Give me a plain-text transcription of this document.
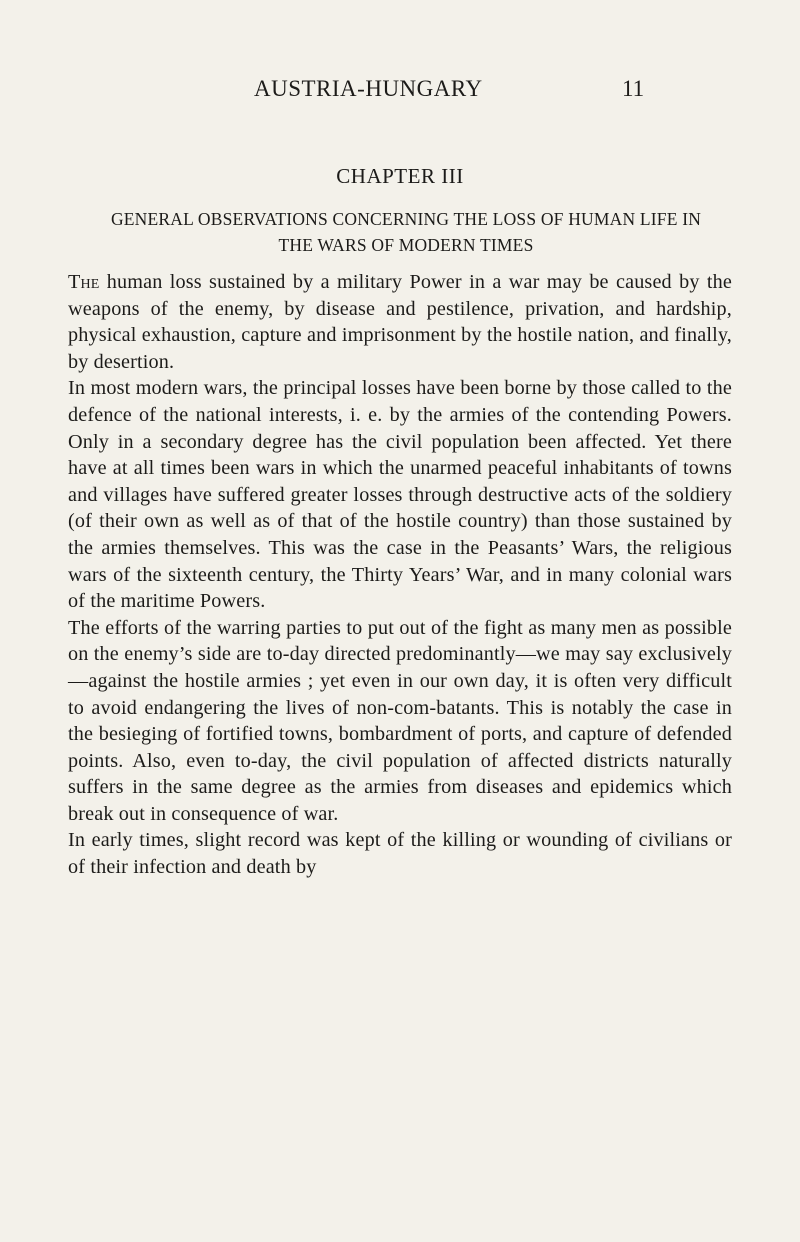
AUSTRIA-HUNGARY	11
CHAPTER III
GENERAL OBSERVATIONS CONCERNING THE LOSS OF HUMAN LIFE IN THE WARS OF MODERN TIMES

The human loss sustained by a military Power in a war may be caused by the weapons of the enemy, by disease and pestilence, privation, and hardship, physical exhaustion, capture and imprisonment by the hostile nation, and finally, by desertion.

In most modern wars, the principal losses have been borne by those called to the defence of the national interests, i. e. by the armies of the contending Powers. Only in a secondary degree has the civil population been affected. Yet there have at all times been wars in which the unarmed peaceful inhabitants of towns and villages have suffered greater losses through destructive acts of the soldiery (of their own as well as of that of the hostile country) than those sustained by the armies themselves. This was the case in the Peasants’ Wars, the religious wars of the sixteenth century, the Thirty Years’ War, and in many colonial wars of the maritime Powers.

The efforts of the warring parties to put out of the fight as many men as possible on the enemy’s side are to-day directed predominantly—we may say exclusively—against the hostile armies ; yet even in our own day, it is often very difficult to avoid endangering the lives of non-com-batants. This is notably the case in the besieging of fortified towns, bombardment of ports, and capture of defended points. Also, even to-day, the civil population of affected districts naturally suffers in the same degree as the armies from diseases and epidemics which break out in consequence of war.

In early times, slight record was kept of the killing or wounding of civilians or of their infection and death by
